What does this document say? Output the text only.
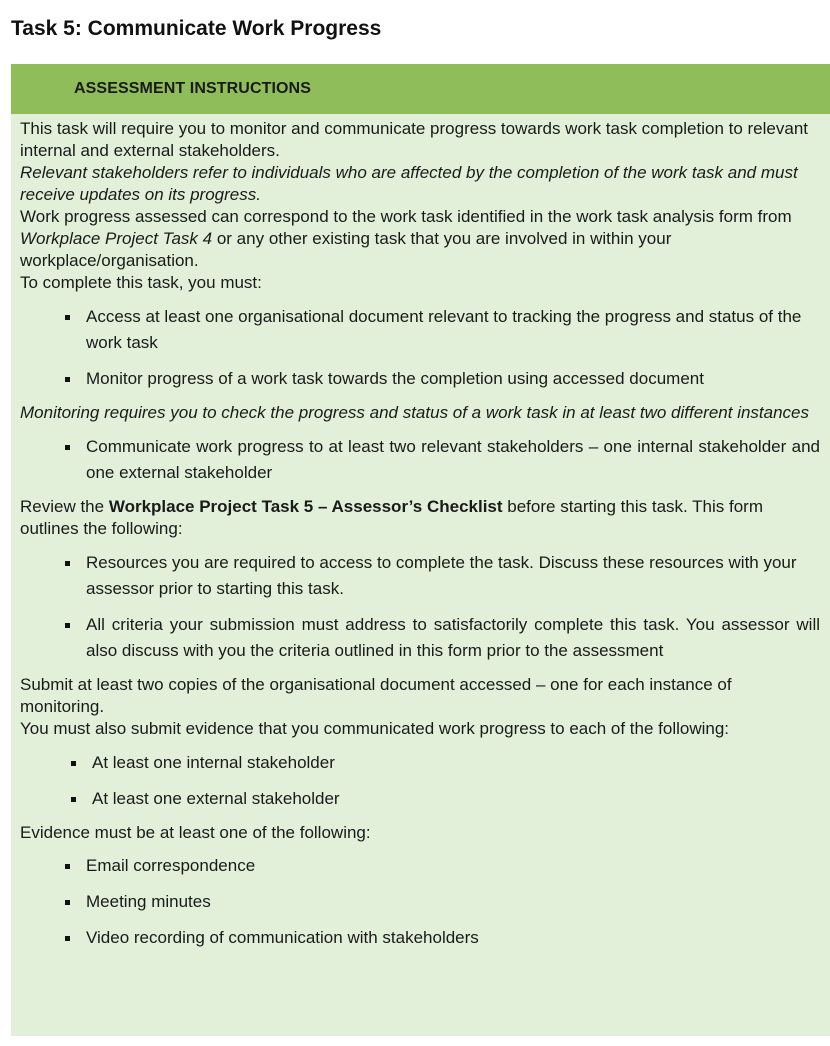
Task 5: Communicate Work Progress
ASSESSMENT INSTRUCTIONS

This task will require you to monitor and communicate progress towards work task completion to relevant internal and external stakeholders.

Relevant stakeholders refer to individuals who are affected by the completion of the work task and must receive updates on its progress.

Work progress assessed can correspond to the work task identified in the work task analysis form from Workplace Project Task 4 or any other existing task that you are involved in within your workplace/organisation.

To complete this task, you must:

Access at least one organisational document relevant to tracking the progress and status of the work task
Monitor progress of a work task towards the completion using accessed document

Monitoring requires you to check the progress and status of a work task in at least two different instances

Communicate work progress to at least two relevant stakeholders – one internal stakeholder and one external stakeholder

Review the Workplace Project Task 5 – Assessor’s Checklist before starting this task. This form outlines the following:

Resources you are required to access to complete the task. Discuss these resources with your assessor prior to starting this task.
All criteria your submission must address to satisfactorily complete this task. You assessor will also discuss with you the criteria outlined in this form prior to the assessment

Submit at least two copies of the organisational document accessed – one for each instance of monitoring.

You must also submit evidence that you communicated work progress to each of the following:

At least one internal stakeholder
At least one external stakeholder

Evidence must be at least one of the following:

Email correspondence
Meeting minutes
Video recording of communication with stakeholders
